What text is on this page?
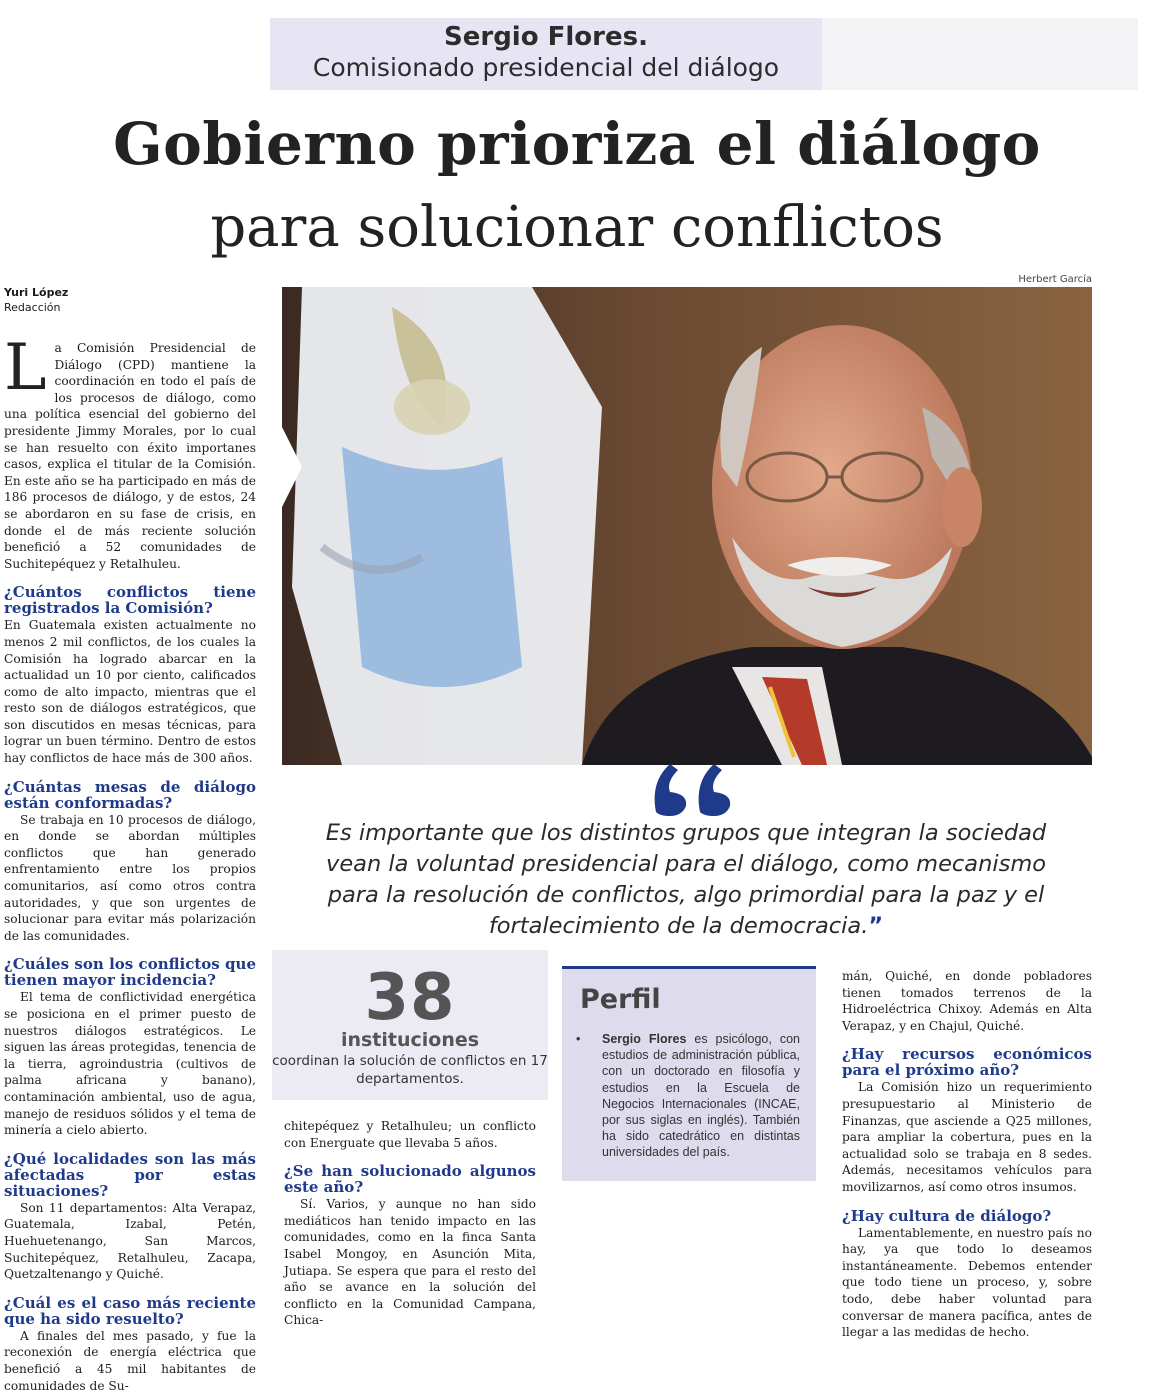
Sergio Flores.
Comisionado presidencial del diálogo
Gobierno prioriza el diálogo
para solucionar conflictos
Yuri López
Redacción
Herbert García

La Comisión Presidencial de Diálogo (CPD) mantiene la coordinación en todo el país de los procesos de diálogo, como una política esencial del gobierno del presidente Jimmy Morales, por lo cual se han resuelto con éxito importanes casos, explica el titular de la Comisión. En este año se ha participado en más de 186 procesos de diálogo, y de estos, 24 se abordaron en su fase de crisis, en donde el de más reciente solución benefició a 52 comunidades de Suchitepéquez y Retalhuleu.

¿Cuántos conflictos tiene registrados la Comisión?

En Guatemala existen actualmente no menos 2 mil conflictos, de los cuales la Comisión ha logrado abarcar en la actualidad un 10 por ciento, calificados como de alto impacto, mientras que el resto son de diálogos estratégicos, que son discutidos en mesas técnicas, para lograr un buen término. Dentro de estos hay conflictos de hace más de 300 años.

¿Cuántas mesas de diálogo están conformadas?

Se trabaja en 10 procesos de diálogo, en donde se abordan múltiples conflictos que han generado enfrentamiento entre los propios comunitarios, así como otros contra autoridades, y que son urgentes de solucionar para evitar más polarización de las comunidades.

¿Cuáles son los conflictos que tienen mayor incidencia?

El tema de conflictividad energética se posiciona en el primer puesto de nuestros diálogos estratégicos. Le siguen las áreas protegidas, tenencia de la tierra, agroindustria (cultivos de palma africana y banano), contaminación ambiental, uso de agua, manejo de residuos sólidos y el tema de minería a cielo abierto.

¿Qué localidades son las más afectadas por estas situaciones?

Son 11 departamentos: Alta Verapaz, Guatemala, Izabal, Petén, Huehuetenango, San Marcos, Suchitepéquez, Retalhuleu, Zacapa, Quetzaltenango y Quiché.

¿Cuál es el caso más reciente que ha sido resuelto?

A finales del mes pasado, y fue la reconexión de energía eléctrica que benefició a 45 mil habitantes de comunidades de Su-

Es importante que los distintos grupos que integran la sociedad vean la voluntad presidencial para el diálogo, como mecanismo para la resolución de conflictos, algo primordial para la paz y el fortalecimiento de la democracia.”
38
instituciones
coordinan la solución de conflictos en 17 departamentos.

chitepéquez y Retalhuleu; un conflicto con Energuate que llevaba 5 años.

¿Se han solucionado algunos este año?

Sí. Varios, y aunque no han sido mediáticos han tenido impacto en las comunidades, como en la finca Santa Isabel Mongoy, en Asunción Mita, Jutiapa. Se espera que para el resto del año se avance en la solución del conflicto en la Comunidad Campana, Chica-

Perfil
• Sergio Flores es psicólogo, con estudios de administración pública, con un doctorado en filosofía y estudios en la Escuela de Negocios Internacionales (INCAE, por sus siglas en inglés). También ha sido catedrático en distintas universidades del país.

mán, Quiché, en donde pobladores tienen tomados terrenos de la Hidroeléctrica Chixoy. Además en Alta Verapaz, y en Chajul, Quiché.

¿Hay recursos económicos para el próximo año?

La Comisión hizo un requerimiento presupuestario al Ministerio de Finanzas, que asciende a Q25 millones, para ampliar la cobertura, pues en la actualidad solo se trabaja en 8 sedes. Además, necesitamos vehículos para movilizarnos, así como otros insumos.

¿Hay cultura de diálogo?

Lamentablemente, en nuestro país no hay, ya que todo lo deseamos instantáneamente. Debemos entender que todo tiene un proceso, y, sobre todo, debe haber voluntad para conversar de manera pacífica, antes de llegar a las medidas de hecho.
